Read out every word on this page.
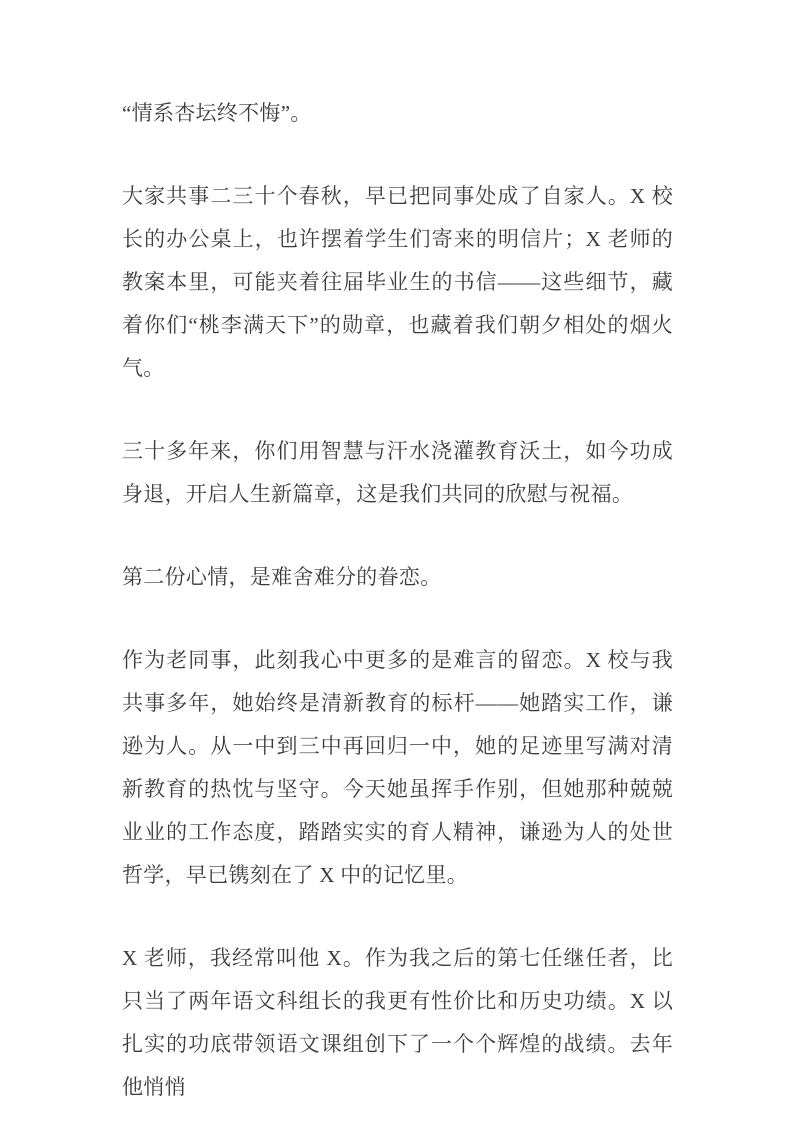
“情系杏坛终不悔”。

大家共事二三十个春秋，早已把同事处成了自家人。X 校长的办公桌上，也许摆着学生们寄来的明信片；X 老师的教案本里，可能夹着往届毕业生的书信——这些细节，藏着你们“桃李满天下”的勋章，也藏着我们朝夕相处的烟火气。

三十多年来，你们用智慧与汗水浇灌教育沃土，如今功成身退，开启人生新篇章，这是我们共同的欣慰与祝福。

第二份心情，是难舍难分的眷恋。

作为老同事，此刻我心中更多的是难言的留恋。X 校与我共事多年，她始终是清新教育的标杆——她踏实工作，谦逊为人。从一中到三中再回归一中，她的足迹里写满对清新教育的热忱与坚守。今天她虽挥手作别，但她那种兢兢业业的工作态度，踏踏实实的育人精神，谦逊为人的处世哲学，早已镌刻在了 X 中的记忆里。

X 老师，我经常叫他 X。作为我之后的第七任继任者，比只当了两年语文科组长的我更有性价比和历史功绩。X 以扎实的功底带领语文课组创下了一个个辉煌的战绩。去年他悄悄
